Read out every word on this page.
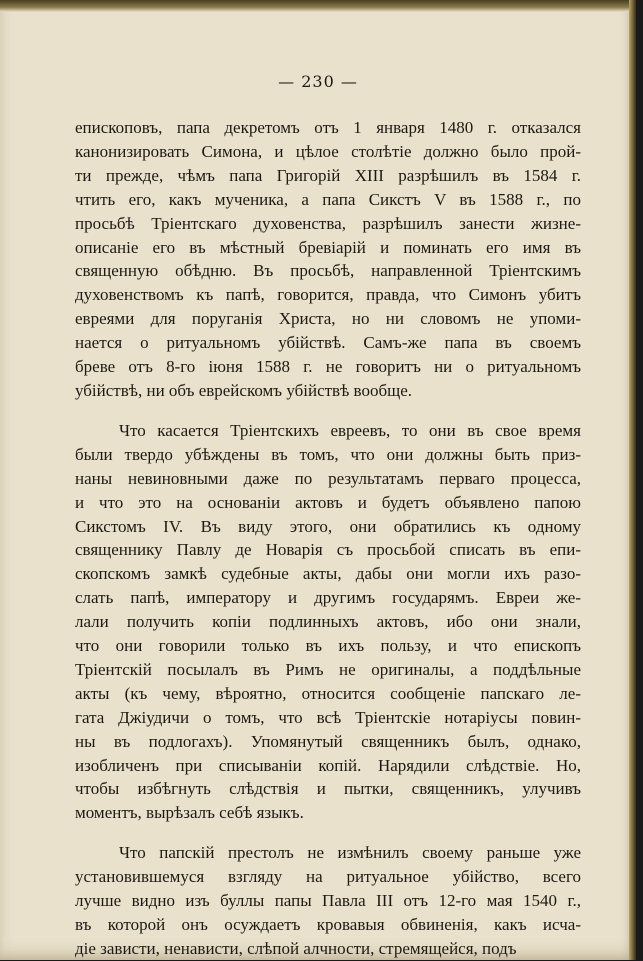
— 230 —

епископовъ, папа декретомъ отъ 1 января 1480 г. отказался
канонизировать Симона, и цѣлое столѣтіе должно было прой-
ти прежде, чѣмъ папа Григорій XIII разрѣшилъ въ 1584 г.
чтить его, какъ мученика, а папа Сикстъ V въ 1588 г., по
просьбѣ Тріентскаго духовенства, разрѣшилъ занести жизне-
описаніе его въ мѣстный бревіарій и поминать его имя въ
священную обѣдню. Въ просьбѣ, направленной Тріентскимъ
духовенствомъ къ папѣ, говорится, правда, что Симонъ убитъ
евреями для поруганія Христа, но ни словомъ не упоми-
нается о ритуальномъ убійствѣ. Самъ-же папа въ своемъ
бреве отъ 8-го іюня 1588 г. не говоритъ ни о ритуальномъ
убійствѣ, ни объ еврейскомъ убійствѣ вообще.

Что касается Тріентскихъ евреевъ, то они въ свое время
были твердо убѣждены въ томъ, что они должны быть приз-
наны невиновными даже по результатамъ перваго процесса,
и что это на основаніи актовъ и будетъ объявлено папою
Сикстомъ IV. Въ виду этого, они обратились къ одному
священнику Павлу де Новарія съ просьбой списать въ епи-
скопскомъ замкѣ судебные акты, дабы они могли ихъ разо-
слать папѣ, императору и другимъ государямъ. Евреи же-
лали получить копіи подлинныхъ актовъ, ибо они знали,
что они говорили только въ ихъ пользу, и что епископъ
Тріентскій посылалъ въ Римъ не оригиналы, а поддѣльные
акты (къ чему, вѣроятно, относится сообщеніе папскаго ле-
гата Джіудичи о томъ, что всѣ Тріентскіе нотаріусы повин-
ны въ подлогахъ). Упомянутый священникъ былъ, однако,
изобличенъ при списываніи копій. Нарядили слѣдствіе. Но,
чтобы избѣгнуть слѣдствія и пытки, священникъ, улучивъ
моментъ, вырѣзалъ себѣ языкъ.

Что папскій престолъ не измѣнилъ своему раньше уже
установившемуся взгляду на ритуальное убійство, всего
лучше видно изъ буллы папы Павла III отъ 12-го мая 1540 г.,
въ которой онъ осуждаетъ кровавыя обвиненія, какъ исча-
діе зависти, ненависти, слѣпой алчности, стремящейся, подъ
